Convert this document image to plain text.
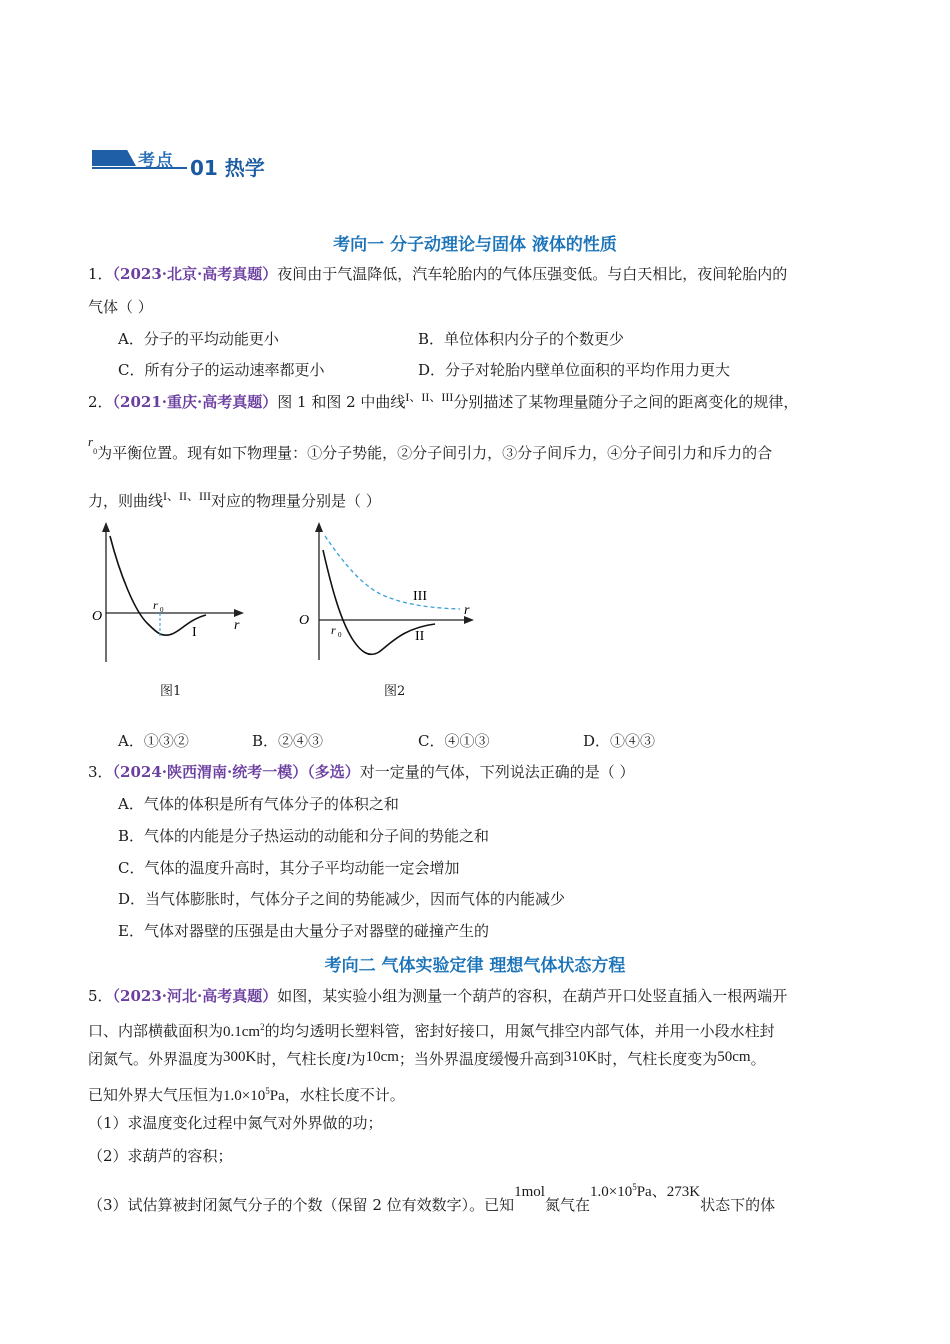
考点 01 热学
考向一 分子动理论与固体 液体的性质
1．（2023·北京·高考真题）夜间由于气温降低，汽车轮胎内的气体压强变低。与白天相比，夜间轮胎内的
气体（ ）
A．分子的平均动能更小	B．单位体积内分子的个数更少
C．所有分子的运动速率都更小	D．分子对轮胎内壁单位面积的平均作用力更大
2．（2021·重庆·高考真题）图 1 和图 2 中曲线$^{I、II、III}$分别描述了某物理量随分子之间的距离变化的规律，
$r_0$为平衡位置。现有如下物理量：①分子势能，②分子间引力，③分子间斥力，④分子间引力和斥力的合
力，则曲线$^{I、II、III}$对应的物理量分别是（ ）
O
r 0
r
I
图1
O
r 0
r
III
II
图2
A．①③②	B．②④③	C．④①③	D．①④③
3．（2024·陕西渭南·统考一模）（多选）对一定量的气体，下列说法正确的是（ ）
A．气体的体积是所有气体分子的体积之和
B．气体的内能是分子热运动的动能和分子间的势能之和
C．气体的温度升高时，其分子平均动能一定会增加
D．当气体膨胀时，气体分子之间的势能减少，因而气体的内能减少
E．气体对器壁的压强是由大量分子对器壁的碰撞产生的
考向二 气体实验定律 理想气体状态方程
5．（2023·河北·高考真题）如图，某实验小组为测量一个葫芦的容积，在葫芦开口处竖直插入一根两端开
口、内部横截面积为$0.1cm^2$的均匀透明长塑料管，密封好接口，用氮气排空内部气体，并用一小段水柱封
闭氮气。外界温度为300K时，气柱长度l为10cm；当外界温度缓慢升高到310K时，气柱长度变为50cm。
已知外界大气压恒为$1.0\times 10^5Pa$，水柱长度不计。
（1）求温度变化过程中氮气对外界做的功；
（2）求葫芦的容积；
（3）试估算被封闭氮气分子的个数（保留 2 位有效数字）。已知1mol氮气在$1.0\times 10^5Pa$、273K状态下的体
